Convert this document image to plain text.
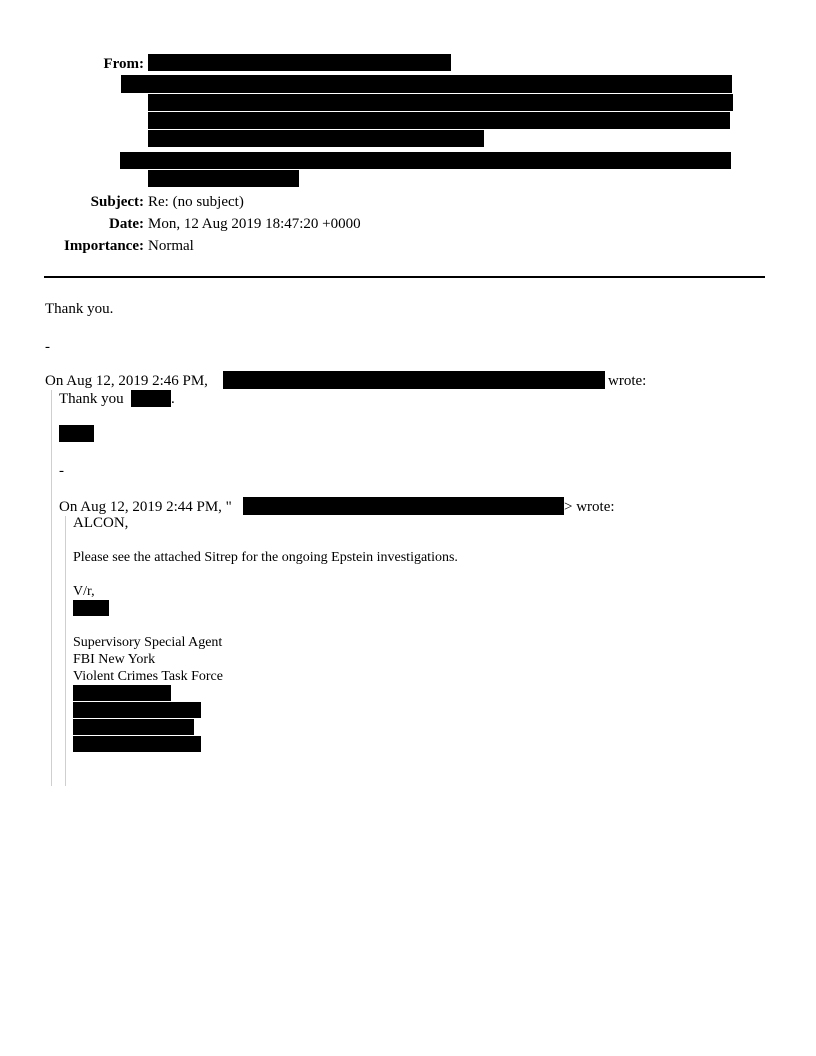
From:
Subject: Re: (no subject)
Date: Mon, 12 Aug 2019 18:47:20 +0000
Importance: Normal
Thank you.
-
On Aug 12, 2019 2:46 PM,	wrote:
Thank you	.
-
On Aug 12, 2019 2:44 PM, "	> wrote:
ALCON,
Please see the attached Sitrep for the ongoing Epstein investigations.
V/r,
Supervisory Special Agent
FBI New York
Violent Crimes Task Force
